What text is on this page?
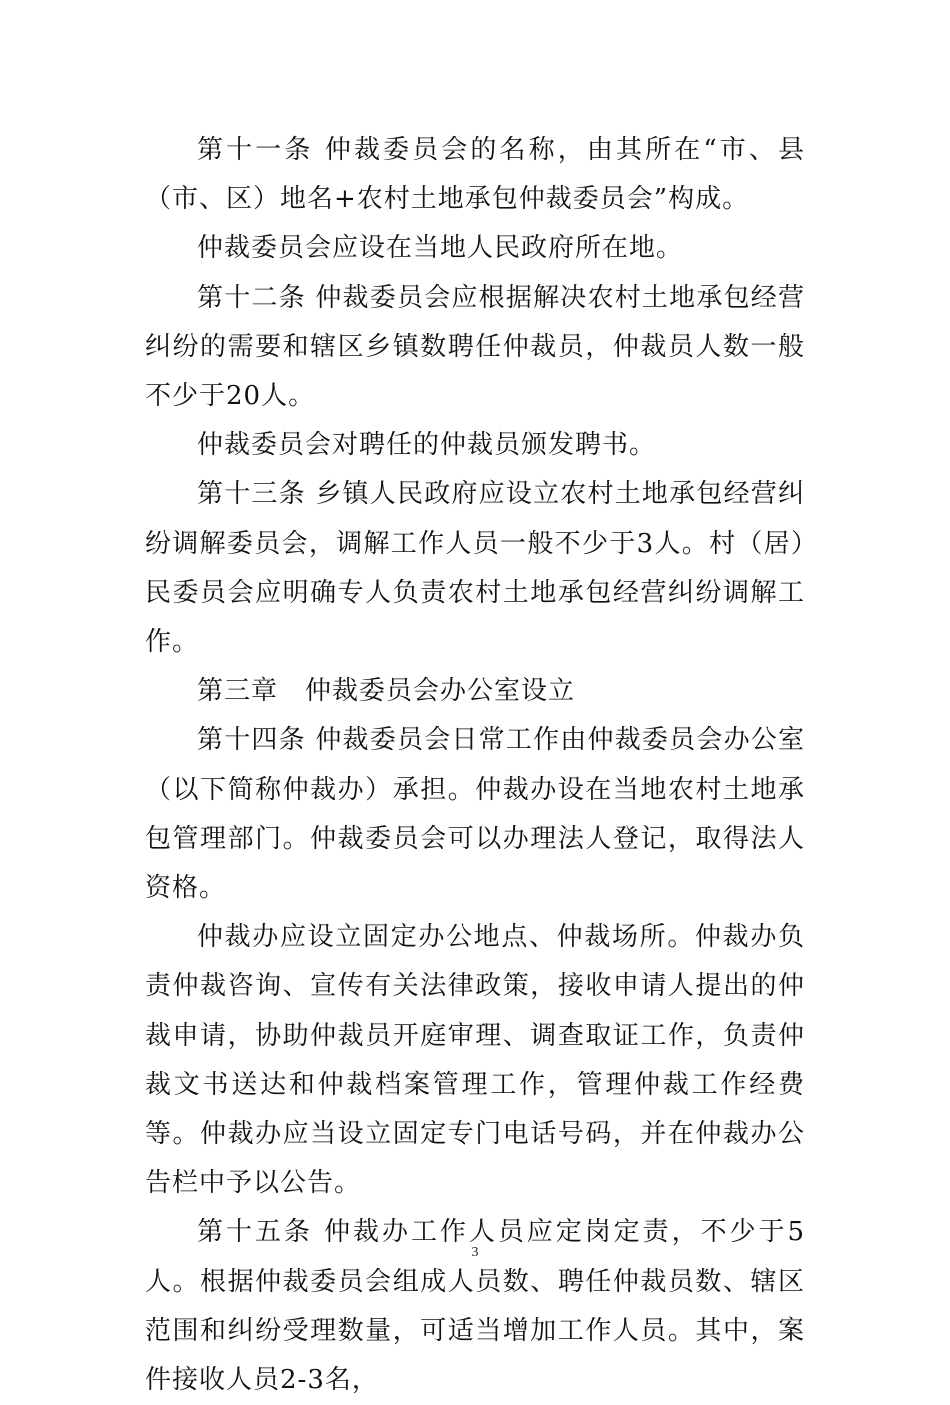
第十一条 仲裁委员会的名称，由其所在“市、县（市、区）地名+农村土地承包仲裁委员会”构成。

仲裁委员会应设在当地人民政府所在地。

第十二条 仲裁委员会应根据解决农村土地承包经营纠纷的需要和辖区乡镇数聘任仲裁员，仲裁员人数一般不少于20人。

仲裁委员会对聘任的仲裁员颁发聘书。

第十三条 乡镇人民政府应设立农村土地承包经营纠纷调解委员会，调解工作人员一般不少于3人。村（居）民委员会应明确专人负责农村土地承包经营纠纷调解工作。

第三章　仲裁委员会办公室设立

第十四条 仲裁委员会日常工作由仲裁委员会办公室（以下简称仲裁办）承担。仲裁办设在当地农村土地承包管理部门。仲裁委员会可以办理法人登记，取得法人资格。

仲裁办应设立固定办公地点、仲裁场所。仲裁办负责仲裁咨询、宣传有关法律政策，接收申请人提出的仲裁申请，协助仲裁员开庭审理、调查取证工作，负责仲裁文书送达和仲裁档案管理工作，管理仲裁工作经费等。仲裁办应当设立固定专门电话号码，并在仲裁办公告栏中予以公告。

第十五条 仲裁办工作人员应定岗定责，不少于5人。根据仲裁委员会组成人员数、聘任仲裁员数、辖区范围和纠纷受理数量，可适当增加工作人员。其中，案件接收人员2-3名，

3
